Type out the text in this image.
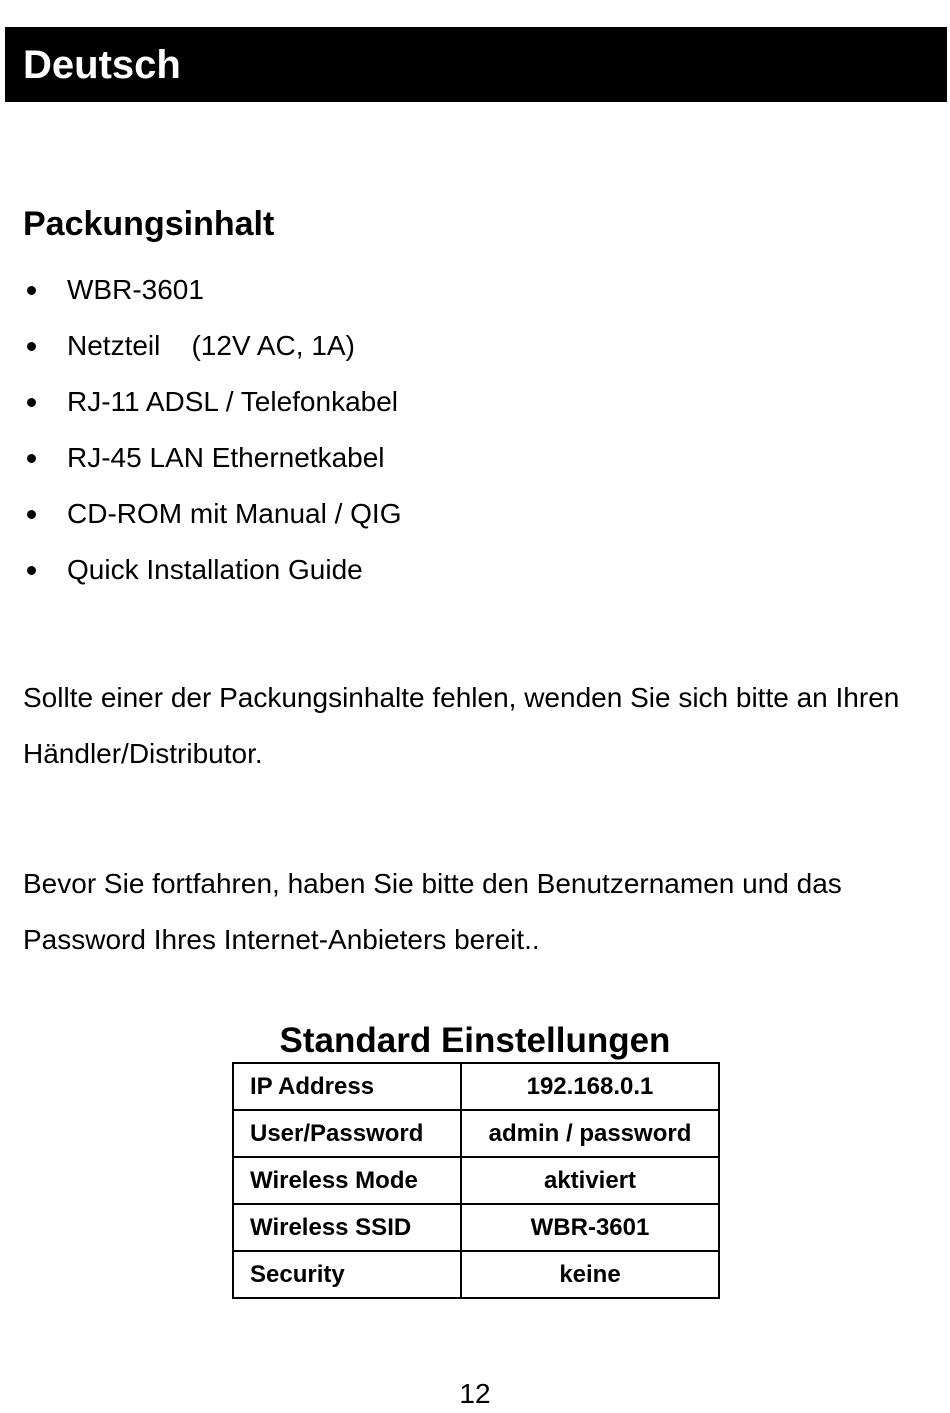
Deutsch
Packungsinhalt
WBR-3601
Netzteil    (12V AC, 1A)
RJ-11 ADSL / Telefonkabel
RJ-45 LAN Ethernetkabel
CD-ROM mit Manual / QIG
Quick Installation Guide

Sollte einer der Packungsinhalte fehlen, wenden Sie sich bitte an Ihren Händler/Distributor.

Bevor Sie fortfahren, haben Sie bitte den Benutzernamen und das Password Ihres Internet-Anbieters bereit..

Standard Einstellungen
IP Address	192.168.0.1
User/Password	admin / password
Wireless Mode	aktiviert
Wireless SSID	WBR-3601
Security	keine
12
